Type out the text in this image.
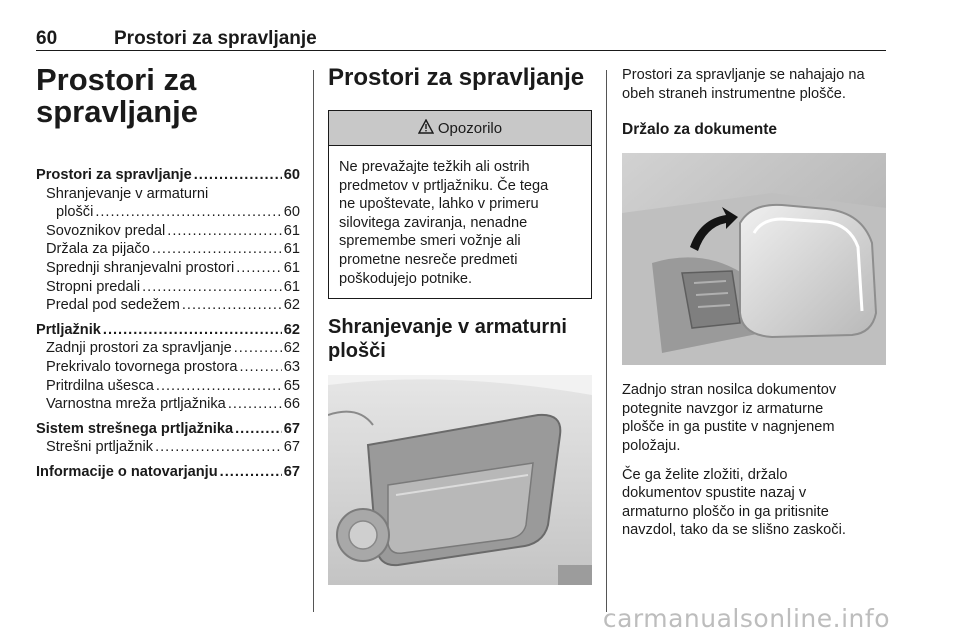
60	Prostori za spravljanje
Prostori za
spravljanje
Prostori za spravljanje .....	60
Shranjevanje v armaturni
plošči .....	60
Sovoznikov predal .....	61
Držala za pijačo .....	61
Sprednji shranjevalni prostori .....	61
Stropni predali .....	61
Predal pod sedežem .....	62
Prtljažnik .....	62
Zadnji prostori za spravljanje .....	62
Prekrivalo tovornega prostora .....	63
Pritrdilna ušesca .....	65
Varnostna mreža prtljažnika .....	66
Sistem strešnega prtljažnika .....	67
Strešni prtljažnik .....	67
Informacije o natovarjanju .....	67
Prostori za spravljanje
Opozorilo
Ne prevažajte težkih ali ostrih
predmetov v prtljažniku. Če tega
ne upoštevate, lahko v primeru
silovitega zaviranja, nenadne
spremembe smeri vožnje ali
prometne nesreče predmeti
poškodujejo potnike.
Shranjevanje v armaturni
plošči
Prostori za spravljanje se nahajajo na
obeh straneh instrumentne plošče.
Držalo za dokumente
Zadnjo stran nosilca dokumentov
potegnite navzgor iz armaturne
plošče in ga pustite v nagnjenem
položaju.
Če ga želite zložiti, držalo
dokumentov spustite nazaj v
armaturno ploščo in ga pritisnite
navzdol, tako da se slišno zaskoči.
carmanualsonline.info
